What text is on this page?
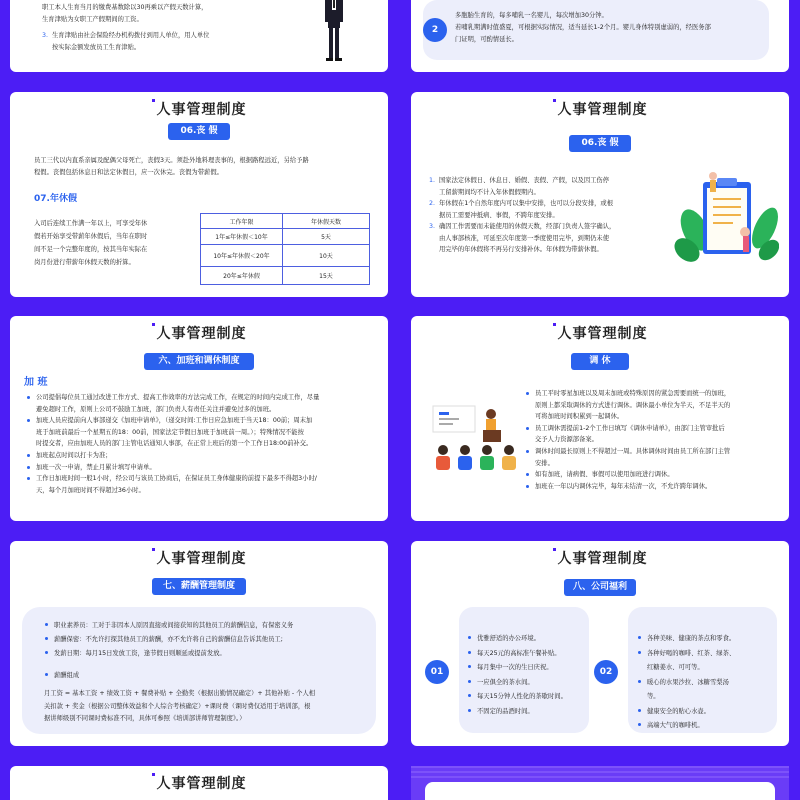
职工本人生育当月的缴费基数除以30再乘以产假天数计算，
生育津贴为女职工产假期间的工资。
3. 生育津贴由社会保险经办机构拨付到用人单位，用人单位
按实际金额发放员工生育津贴。
2
多胞胎生育的，每多哺乳一名婴儿，每次增加30分钟。
若哺乳期满时值盛夏，可根据实际情况，适当延长1-2个月。婴儿身体特别虚弱的，经医务部
门证明，可酌情延长。
人事管理制度
06.丧 假
员工三代以内直系亲属及配偶父母死亡，丧假3天。须赴外地料理丧事的，根据路程远近，另给予路
程假。丧假包括休息日和法定休假日，应一次休完。丧假为带薪假。
07.年休假
入司后连续工作满一年以上，可享受年休
假若开始享受带薪年休假后，当年在职时
间不足一个完整年度的，按其当年实际在
岗月份进行带薪年休假天数的折算。
工作年限	年休假天数
1年≤年休假＜10年	5天
10年≤年休假＜20年	10天
20年≤年休假	15天
人事管理制度
06.丧 假
1. 国家法定休假日、休息日、婚假、丧假、产假，以及因工伤停
工留薪期间均不计入年休假假期内。
2. 年休假在1个自然年度内可以集中安排，也可以分段安排，或根
据员工需要冲抵病、事假，不跨年度安排。
3. 确因工作需要而未能使用的休假天数，经部门负责人签字确认，
由人事部核准，可延至次年度第一季度使用完毕，到期仍未使
用完毕的年休假将不再另行安排补休。年休假为带薪休假。
人事管理制度
六、加班和调休制度
加 班
公司提倡每位员工通过改进工作方式、提高工作效率的方法完成工作，在规定的时间内完成工作，尽量
避免超时工作，原则上公司不鼓励工加班，部门负责人有责任关注并避免过多的加班。
加班人员应提前向人事部递交《加班申请单》，（递交时间:工作日应急加班于当天18：00前；周末加
班于加班前最后一个星期五的18：00前，国家法定节假日加班于加班前一周。）；特殊情况不能按
时提交者，应由加班人员的部门主管电话通知人事部，在正常上班后的第一个工作日18:00前补交。
加班起点时间以打卡为准；
加班一次一申请，禁止月累计填写申请单。
工作日加班时间一般1小时，经公司与该员工协商后，在保证员工身体健康的前提下最多不得超3小时/
天，每个月加班时间不得超过36小时。
人事管理制度
调 休
员工平时零星加班以及周末加班或特殊原因的紧急需要而统一的加班，
原则上都采取调休的方式进行调休。调休最小单位为半天，不足半天的
可将加班时间积累到一起调休。
员工调休需提前1-2个工作日填写《调休申请单》，由部门主管审批后
交予人力资源部备案。
调休时间最长原则上不得超过一周。具体调休时间由员工所在部门主管
安排。
如有加班，请病假、事假可以使用加班进行调休。
加班在一年以内调休完毕，每年末结清一次，不允许跨年调休。
人事管理制度
七、薪酬管理制度
职业素养员：工对于非因本人原因直接或间接获知的其他员工的薪酬信息，有保密义务
薪酬保密：不允许打探其他员工的薪酬，亦不允许将自己的薪酬信息告诉其他员工;
发薪日期：每月15日发放工资，逢节假日则顺延或提前发放。
薪酬组成
月工资 = 基本工资 + 绩效工资 + 餐费补贴 + 全勤奖（根据出勤情况确定）+ 其他补贴 - 个人相
关扣款 + 奖金（根据公司整体效益和个人综合考核确定）+课时费（课时费仅适用于培训部，根
据讲师级别不同课时费标准不同，具体可参照《培训部讲师管理制度》。）
人事管理制度
八、公司福利
01	02
优雅舒适的办公环境。
每天25元的高标准午餐补贴。
每月集中一次的生日庆祝。
一应俱全的茶水间。
每天15分钟人性化的茶歇时间。
不固定的品酒时间。
各种美味、健康的茶点和零食。
各种好喝的咖啡、红茶、绿茶、
红糖姜水、可可等。
暖心的水果沙拉、冰糖雪梨汤
等。
健康安全的贴心水壶。
高端大气的咖啡机。
人事管理制度
